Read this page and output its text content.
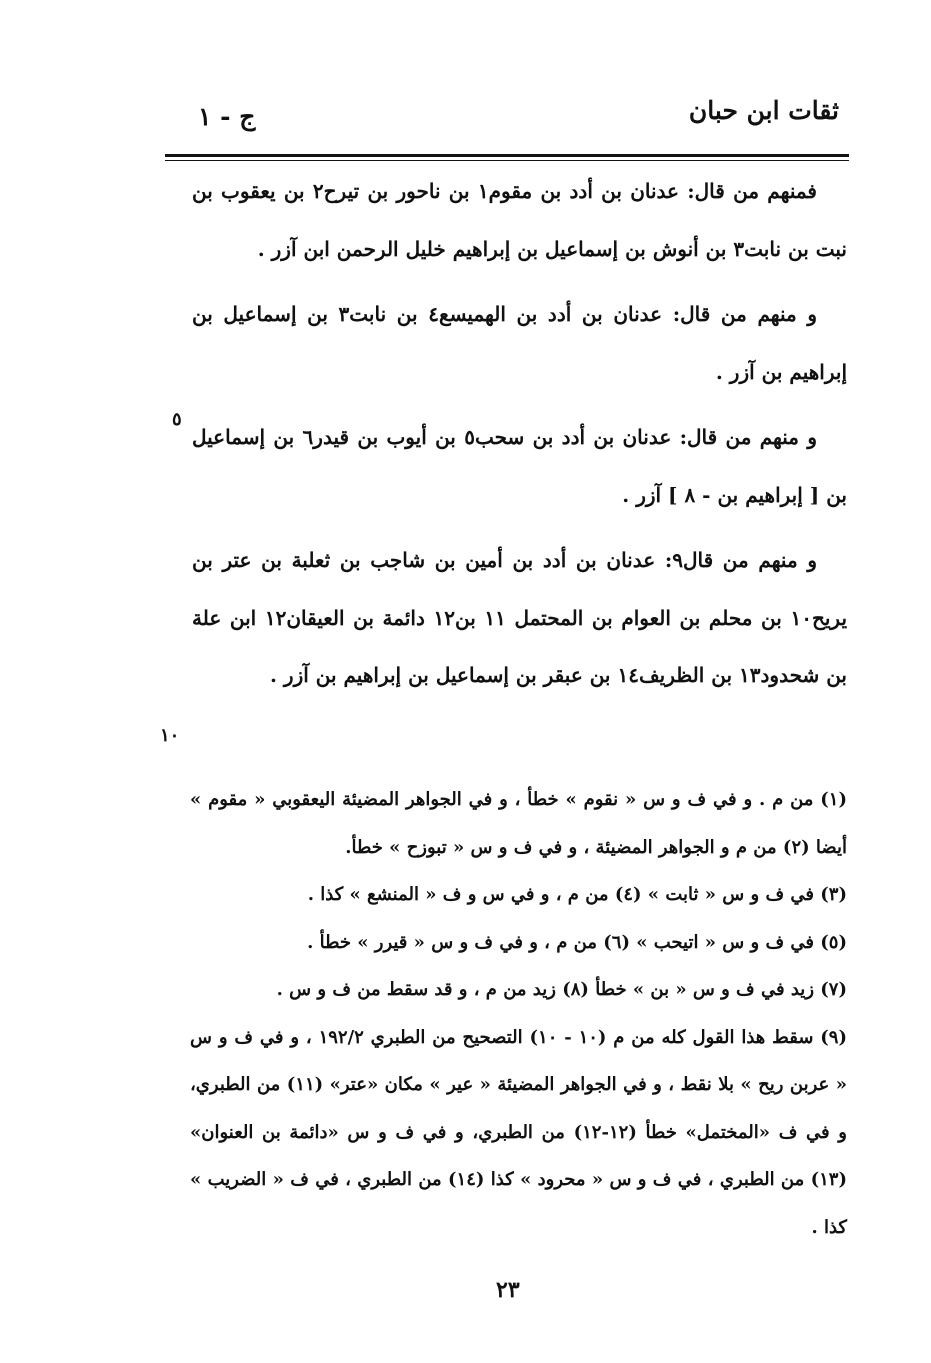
ثقات ابن حبان
ج - ١

فمنهم من قال: عدنان بن أدد بن مقوم١ بن ناحور بن تيرح٢ بن يعقوب بن نبت بن نابت٣ بن أنوش بن إسماعيل بن إبراهيم خليل الرحمن ابن آزر .

و منهم من قال: عدنان بن أدد بن الهميسع٤ بن نابت٣ بن إسماعيل بن إبراهيم بن آزر .

و منهم من قال: عدنان بن أدد بن سحب٥ بن أيوب بن قيدر٦ بن إسماعيل بن [ إبراهيم بن - ٨ ] آزر .

و منهم من قال٩: عدنان بن أدد بن أمين بن شاجب بن ثعلبة بن عتر بن يريح١٠ بن محلم بن العوام بن المحتمل ١١ بن١٢ دائمة بن العيقان١٢ ابن علة بن شحدود١٣ بن الظريف١٤ بن عبقر بن إسماعيل بن إبراهيم بن آزر .

٥
١٠

(١) من م . و في ف و س « نقوم » خطأ ، و في الجواهر المضيئة اليعقوبي « مقوم » أيضا (٢) من م و الجواهر المضيئة ، و في ف و س « تبوزح » خطأ.

(٣) في ف و س « ثابت » (٤) من م ، و في س و ف « المنشع » كذا .

(٥) في ف و س « اتيحب » (٦) من م ، و في ف و س « قيرر » خطأ .

(٧) زيد في ف و س « بن » خطأ (٨) زيد من م ، و قد سقط من ف و س .

(٩) سقط هذا القول كله من م (١٠ - ١٠) التصحيح من الطبري ١٩٢/٢ ، و في ف و س « عربن ريح » بلا نقط ، و في الجواهر المضيئة « عير » مكان «عتر» (١١) من الطبري، و في ف «المختمل» خطأ (١٢-١٢) من الطبري، و في ف و س «دائمة بن العنوان» (١٣) من الطبري ، في ف و س « محرود » كذا (١٤) من الطبري ، في ف « الضريب » كذا .

٢٣
